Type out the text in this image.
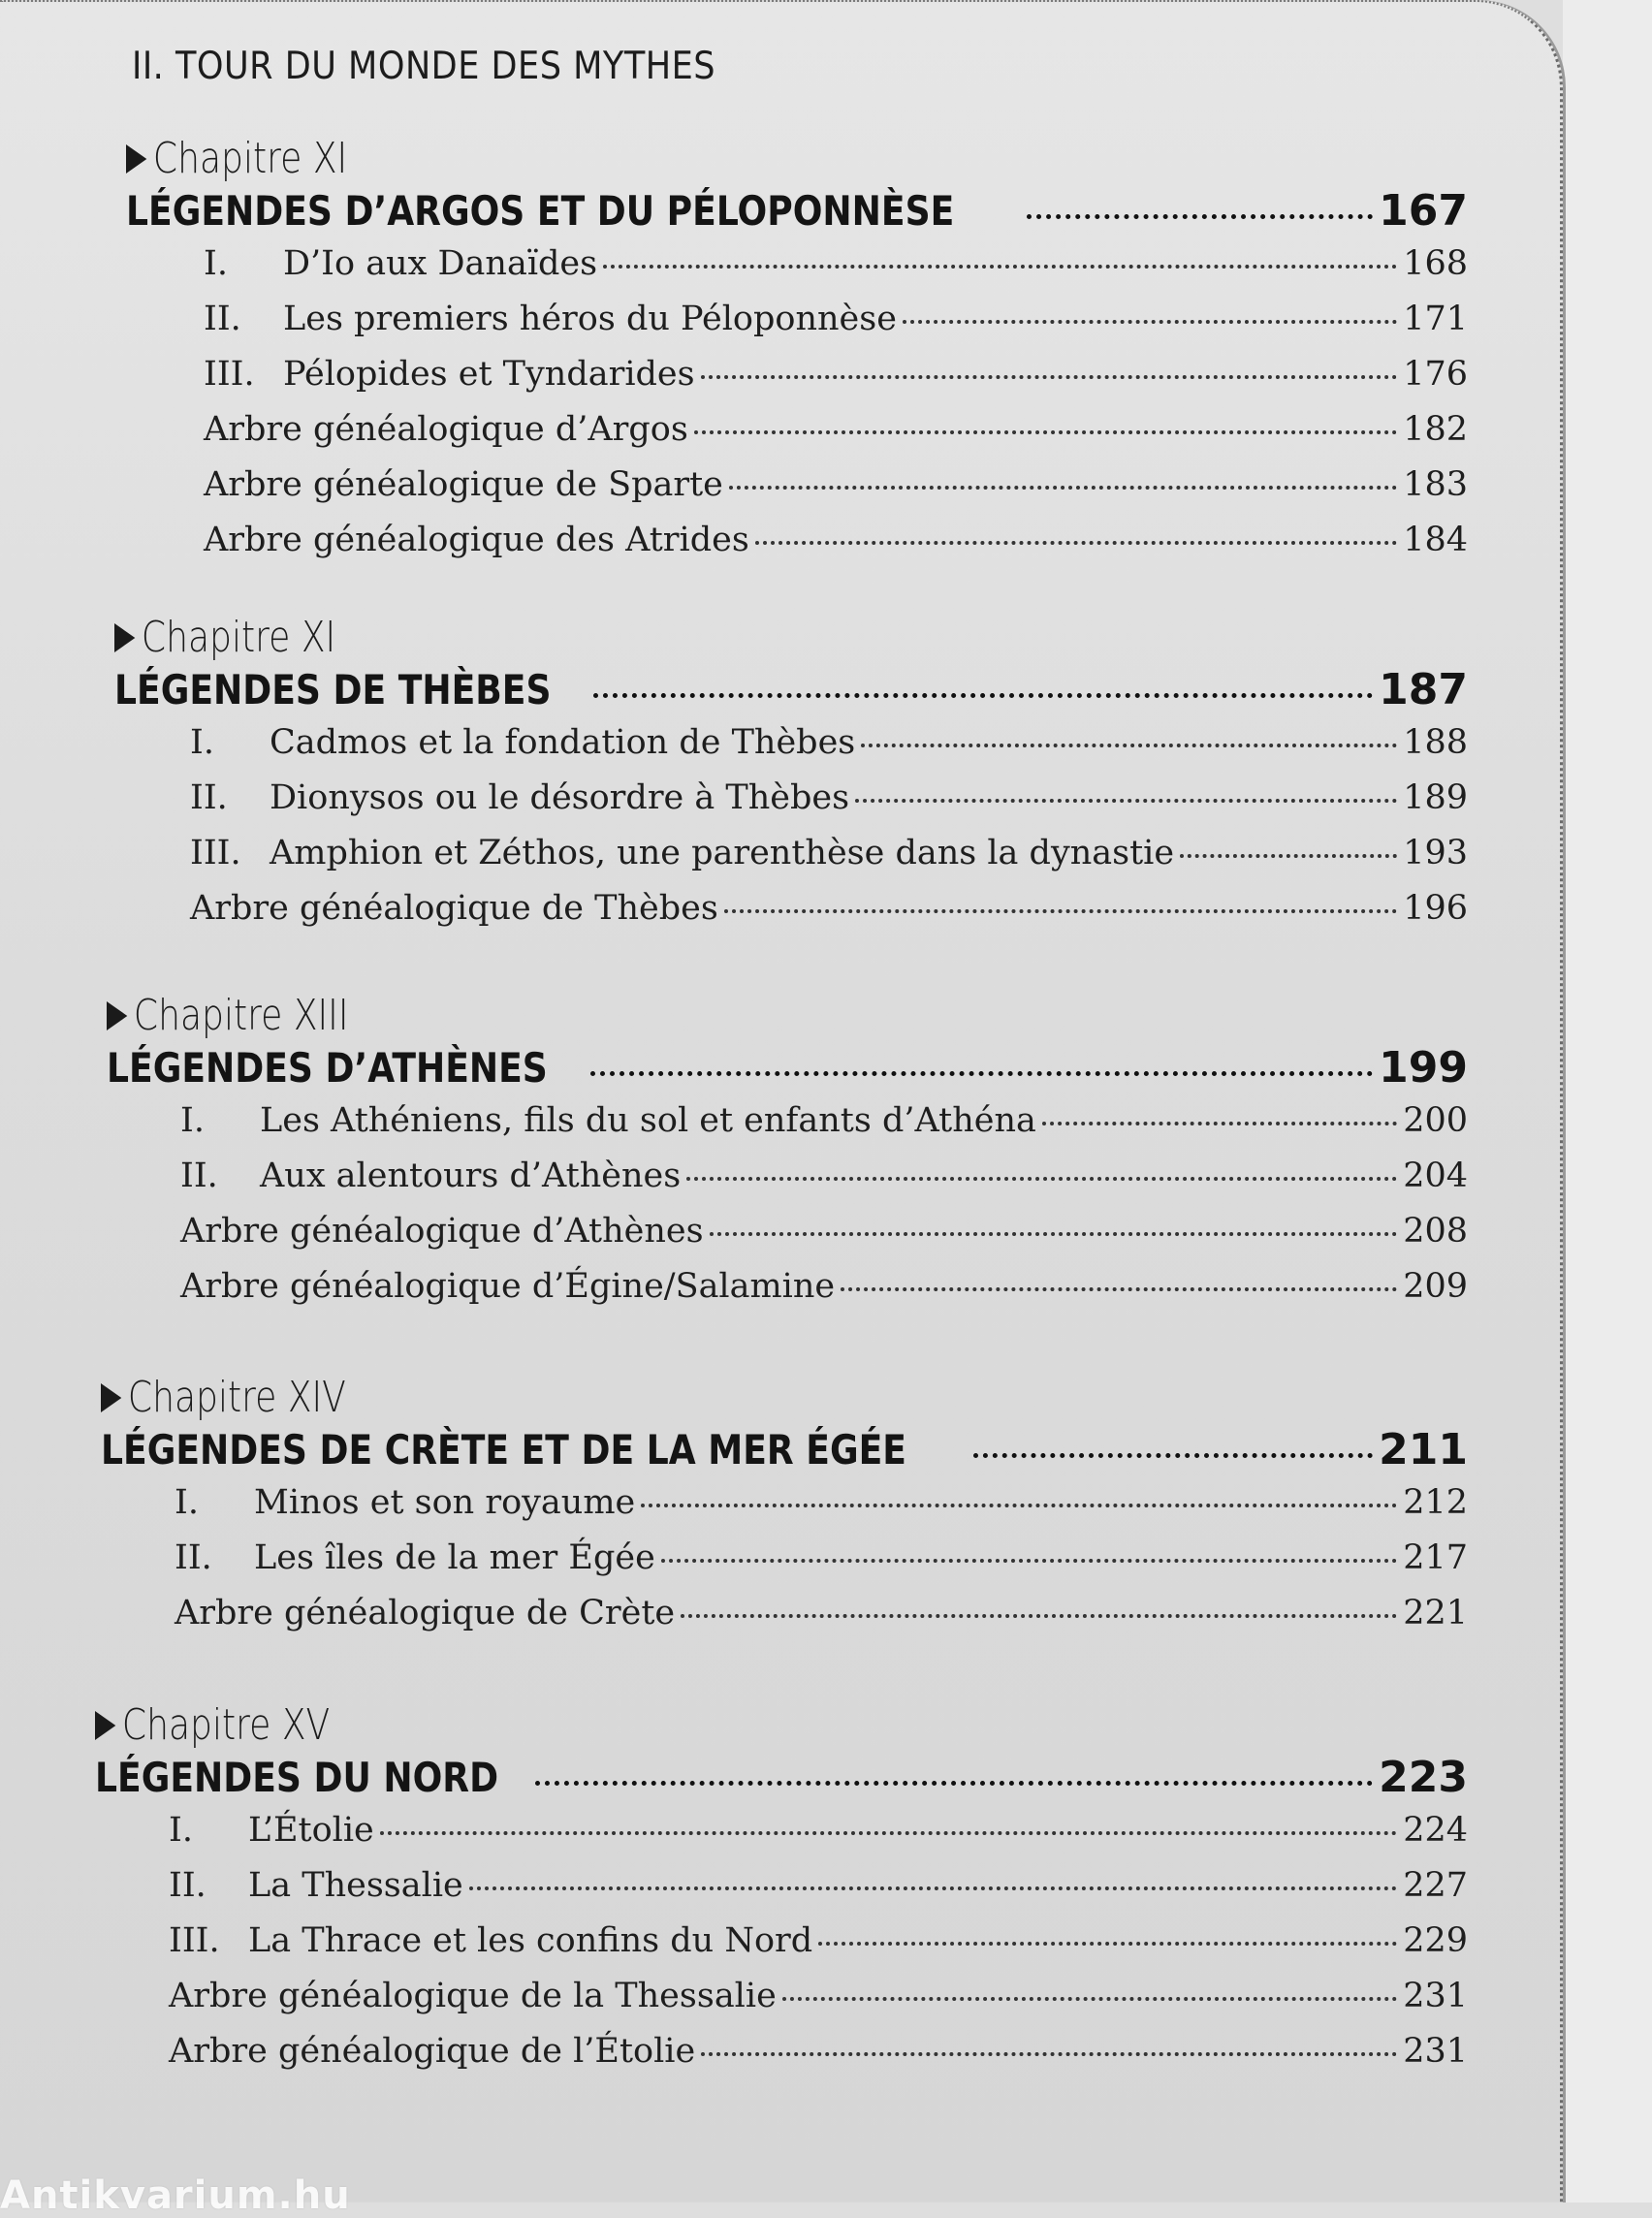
II. TOUR DU MONDE DES MYTHES
Chapitre XI
LÉGENDES D’ARGOS ET DU PÉLOPONNÈSE	167
I.	D’Io aux Danaïdes	168
II.	Les premiers héros du Péloponnèse	171
III. Pélopides et Tyndarides	176
Arbre généalogique d’Argos	182
Arbre généalogique de Sparte	183
Arbre généalogique des Atrides	184
Chapitre XI
LÉGENDES DE THÈBES	187
I.	Cadmos et la fondation de Thèbes	188
II.	Dionysos ou le désordre à Thèbes	189
III. Amphion et Zéthos, une parenthèse dans la dynastie	193
Arbre généalogique de Thèbes	196
Chapitre XIII
LÉGENDES D’ATHÈNES	199
I.	Les Athéniens, fils du sol et enfants d’Athéna	200
II.	Aux alentours d’Athènes	204
Arbre généalogique d’Athènes	208
Arbre généalogique d’Égine/Salamine	209
Chapitre XIV
LÉGENDES DE CRÈTE ET DE LA MER ÉGÉE	211
I.	Minos et son royaume	212
II.	Les îles de la mer Égée	217
Arbre généalogique de Crète	221
Chapitre XV
LÉGENDES DU NORD	223
I.	L’Étolie	224
II.	La Thessalie	227
III. La Thrace et les confins du Nord	229
Arbre généalogique de la Thessalie	231
Arbre généalogique de l’Étolie	231
Antikvarium.hu
